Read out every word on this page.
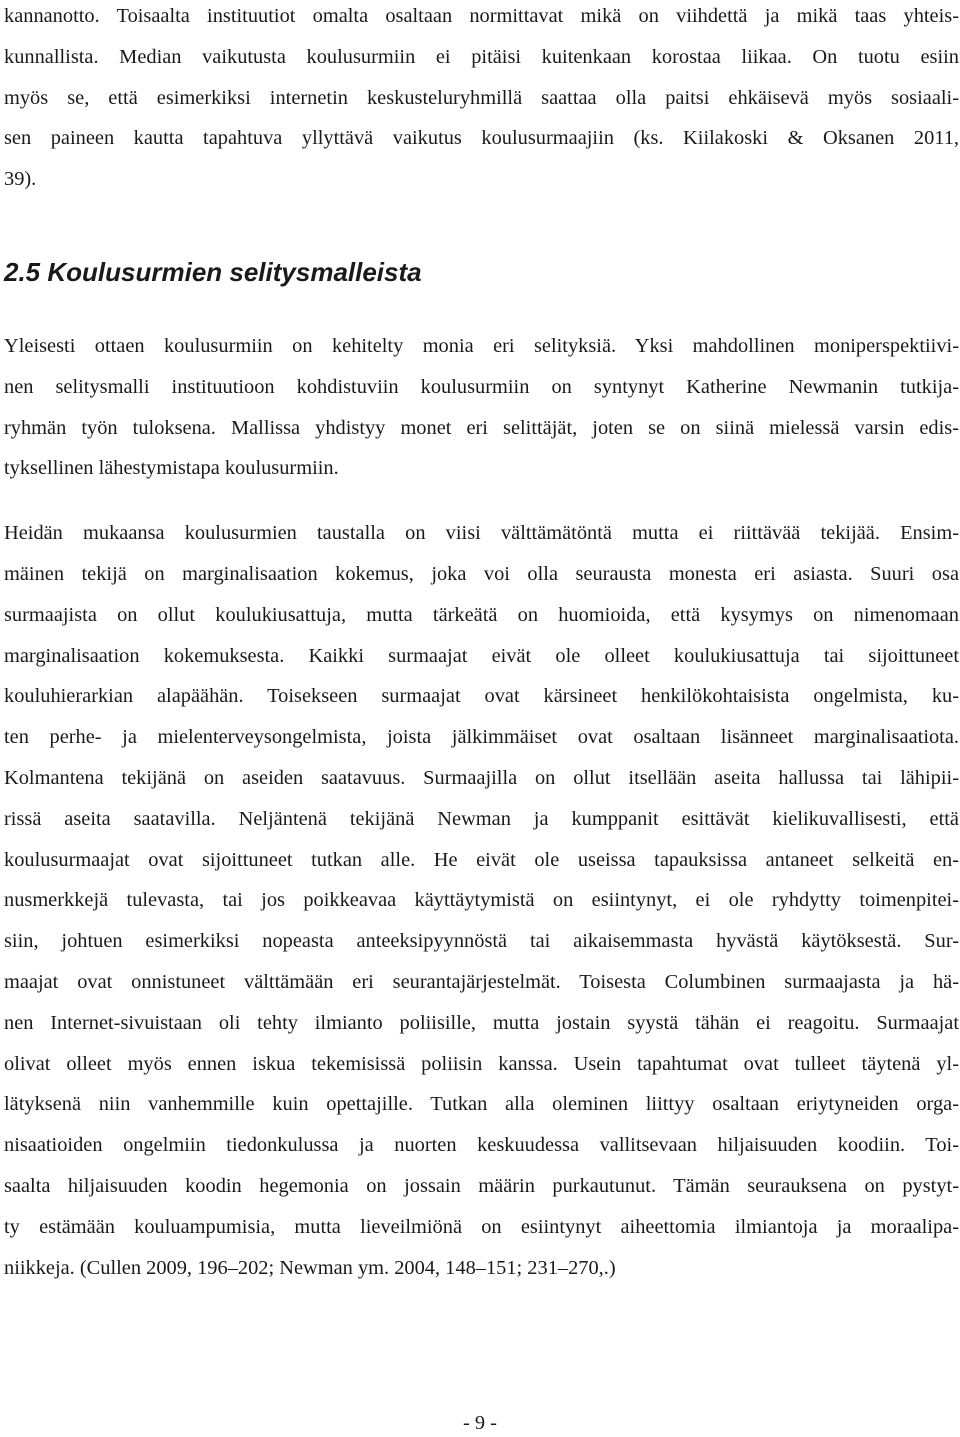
kannanotto. Toisaalta instituutiot omalta osaltaan normittavat mikä on viihdettä ja mikä taas yhteis-
kunnallista. Median vaikutusta koulusurmiin ei pitäisi kuitenkaan korostaa liikaa. On tuotu esiin
myös se, että esimerkiksi internetin keskusteluryhmillä saattaa olla paitsi ehkäisevä myös sosiaali-
sen paineen kautta tapahtuva yllyttävä vaikutus koulusurmaajiin (ks. Kiilakoski & Oksanen 2011,
39).

2.5 Koulusurmien selitysmalleista

Yleisesti ottaen koulusurmiin on kehitelty monia eri selityksiä. Yksi mahdollinen moniperspektiivi-
nen selitysmalli instituutioon kohdistuviin koulusurmiin on syntynyt Katherine Newmanin tutkija-
ryhmän työn tuloksena. Mallissa yhdistyy monet eri selittäjät, joten se on siinä mielessä varsin edis-
tyksellinen lähestymistapa koulusurmiin.

Heidän mukaansa koulusurmien taustalla on viisi välttämätöntä mutta ei riittävää tekijää. Ensim-
mäinen tekijä on marginalisaation kokemus, joka voi olla seurausta monesta eri asiasta. Suuri osa
surmaajista on ollut koulukiusattuja, mutta tärkeätä on huomioida, että kysymys on nimenomaan
marginalisaation kokemuksesta. Kaikki surmaajat eivät ole olleet koulukiusattuja tai sijoittuneet
kouluhierarkian alapäähän. Toisekseen surmaajat ovat kärsineet henkilökohtaisista ongelmista, ku-
ten perhe- ja mielenterveysongelmista, joista jälkimmäiset ovat osaltaan lisänneet marginalisaatiota.
Kolmantena tekijänä on aseiden saatavuus. Surmaajilla on ollut itsellään aseita hallussa tai lähipii-
rissä aseita saatavilla. Neljäntenä tekijänä Newman ja kumppanit esittävät kielikuvallisesti, että
koulusurmaajat ovat sijoittuneet tutkan alle. He eivät ole useissa tapauksissa antaneet selkeitä en-
nusmerkkejä tulevasta, tai jos poikkeavaa käyttäytymistä on esiintynyt, ei ole ryhdytty toimenpitei-
siin, johtuen esimerkiksi nopeasta anteeksipyynnöstä tai aikaisemmasta hyvästä käytöksestä. Sur-
maajat ovat onnistuneet välttämään eri seurantajärjestelmät. Toisesta Columbinen surmaajasta ja hä-
nen Internet-sivuistaan oli tehty ilmianto poliisille, mutta jostain syystä tähän ei reagoitu. Surmaajat
olivat olleet myös ennen iskua tekemisissä poliisin kanssa. Usein tapahtumat ovat tulleet täytenä yl-
lätyksenä niin vanhemmille kuin opettajille. Tutkan alla oleminen liittyy osaltaan eriytyneiden orga-
nisaatioiden ongelmiin tiedonkulussa ja nuorten keskuudessa vallitsevaan hiljaisuuden koodiin. Toi-
saalta hiljaisuuden koodin hegemonia on jossain määrin purkautunut. Tämän seurauksena on pystyt-
ty estämään kouluampumisia, mutta lieveilmiönä on esiintynyt aiheettomia ilmiantoja ja moraalipa-
niikkeja. (Cullen 2009, 196–202; Newman ym. 2004, 148–151; 231–270,.)

- 9 -
